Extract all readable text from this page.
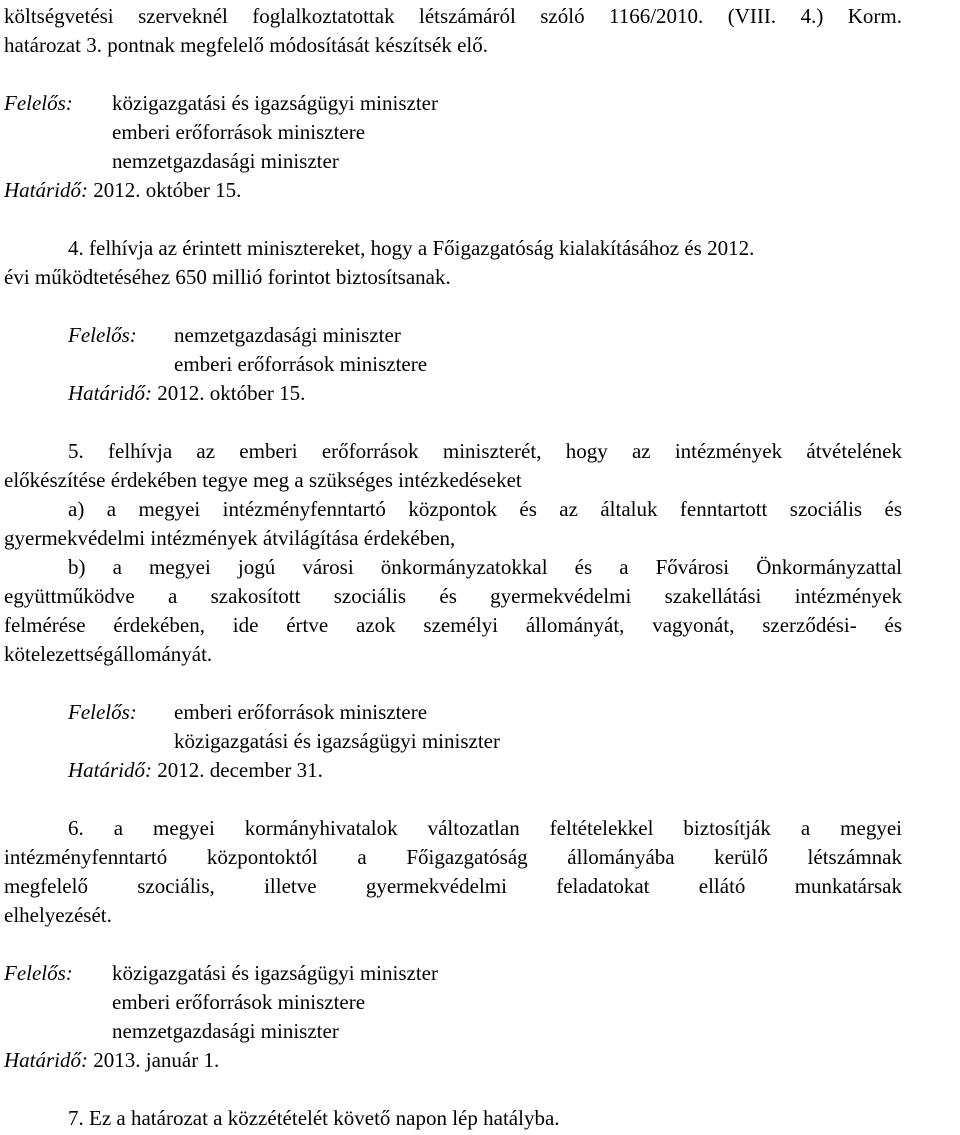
költségvetési szerveknél foglalkoztatottak létszámáról szóló 1166/2010. (VIII. 4.) Korm.
határozat 3. pontnak megfelelő módosítását készítsék elő.
Felelős: közigazgatási és igazságügyi miniszter
emberi erőforrások minisztere
nemzetgazdasági miniszter
Határidő: 2012. október 15.
4. felhívja az érintett minisztereket, hogy a Főigazgatóság kialakításához és 2012.
évi működtetéséhez 650 millió forintot biztosítsanak.
Felelős: nemzetgazdasági miniszter
emberi erőforrások minisztere
Határidő: 2012. október 15.
5. felhívja az emberi erőforrások miniszterét, hogy az intézmények átvételének
előkészítése érdekében tegye meg a szükséges intézkedéseket
a) a megyei intézményfenntartó központok és az általuk fenntartott szociális és
gyermekvédelmi intézmények átvilágítása érdekében,
b) a megyei jogú városi önkormányzatokkal és a Fővárosi Önkormányzattal
együttműködve a szakosított szociális és gyermekvédelmi szakellátási intézmények
felmérése érdekében, ide értve azok személyi állományát, vagyonát, szerződési- és
kötelezettségállományát.
Felelős: emberi erőforrások minisztere
közigazgatási és igazságügyi miniszter
Határidő: 2012. december 31.
6. a megyei kormányhivatalok változatlan feltételekkel biztosítják a megyei
intézményfenntartó központoktól a Főigazgatóság állományába kerülő létszámnak
megfelelő szociális, illetve gyermekvédelmi feladatokat ellátó munkatársak
elhelyezését.
Felelős: közigazgatási és igazságügyi miniszter
emberi erőforrások minisztere
nemzetgazdasági miniszter
Határidő: 2013. január 1.
7. Ez a határozat a közzétételét követő napon lép hatályba.
